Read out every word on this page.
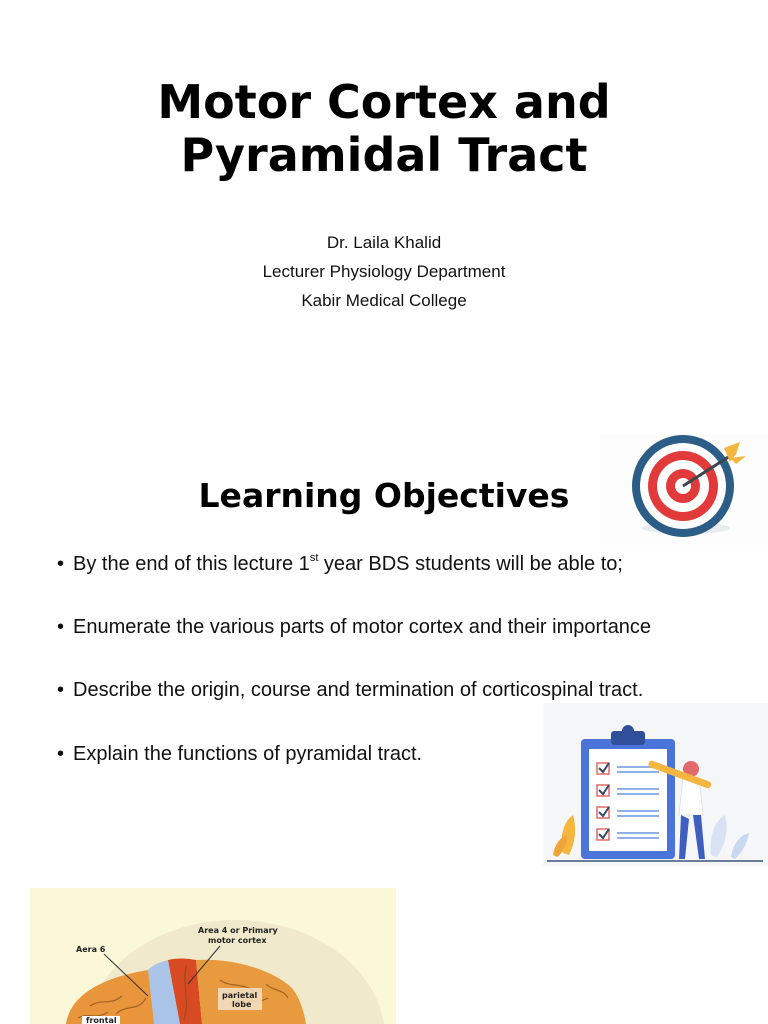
Motor Cortex and
Pyramidal Tract
Dr. Laila Khalid
Lecturer Physiology Department
Kabir Medical College
Learning Objectives
• By the end of this lecture 1st year BDS students will be able to;
• Enumerate the various parts of motor cortex and their importance
• Describe the origin, course and termination of corticospinal tract.
• Explain the functions of pyramidal tract.
Aera 6
Area 4 or Primary
motor cortex
parietal
lobe
frontal
